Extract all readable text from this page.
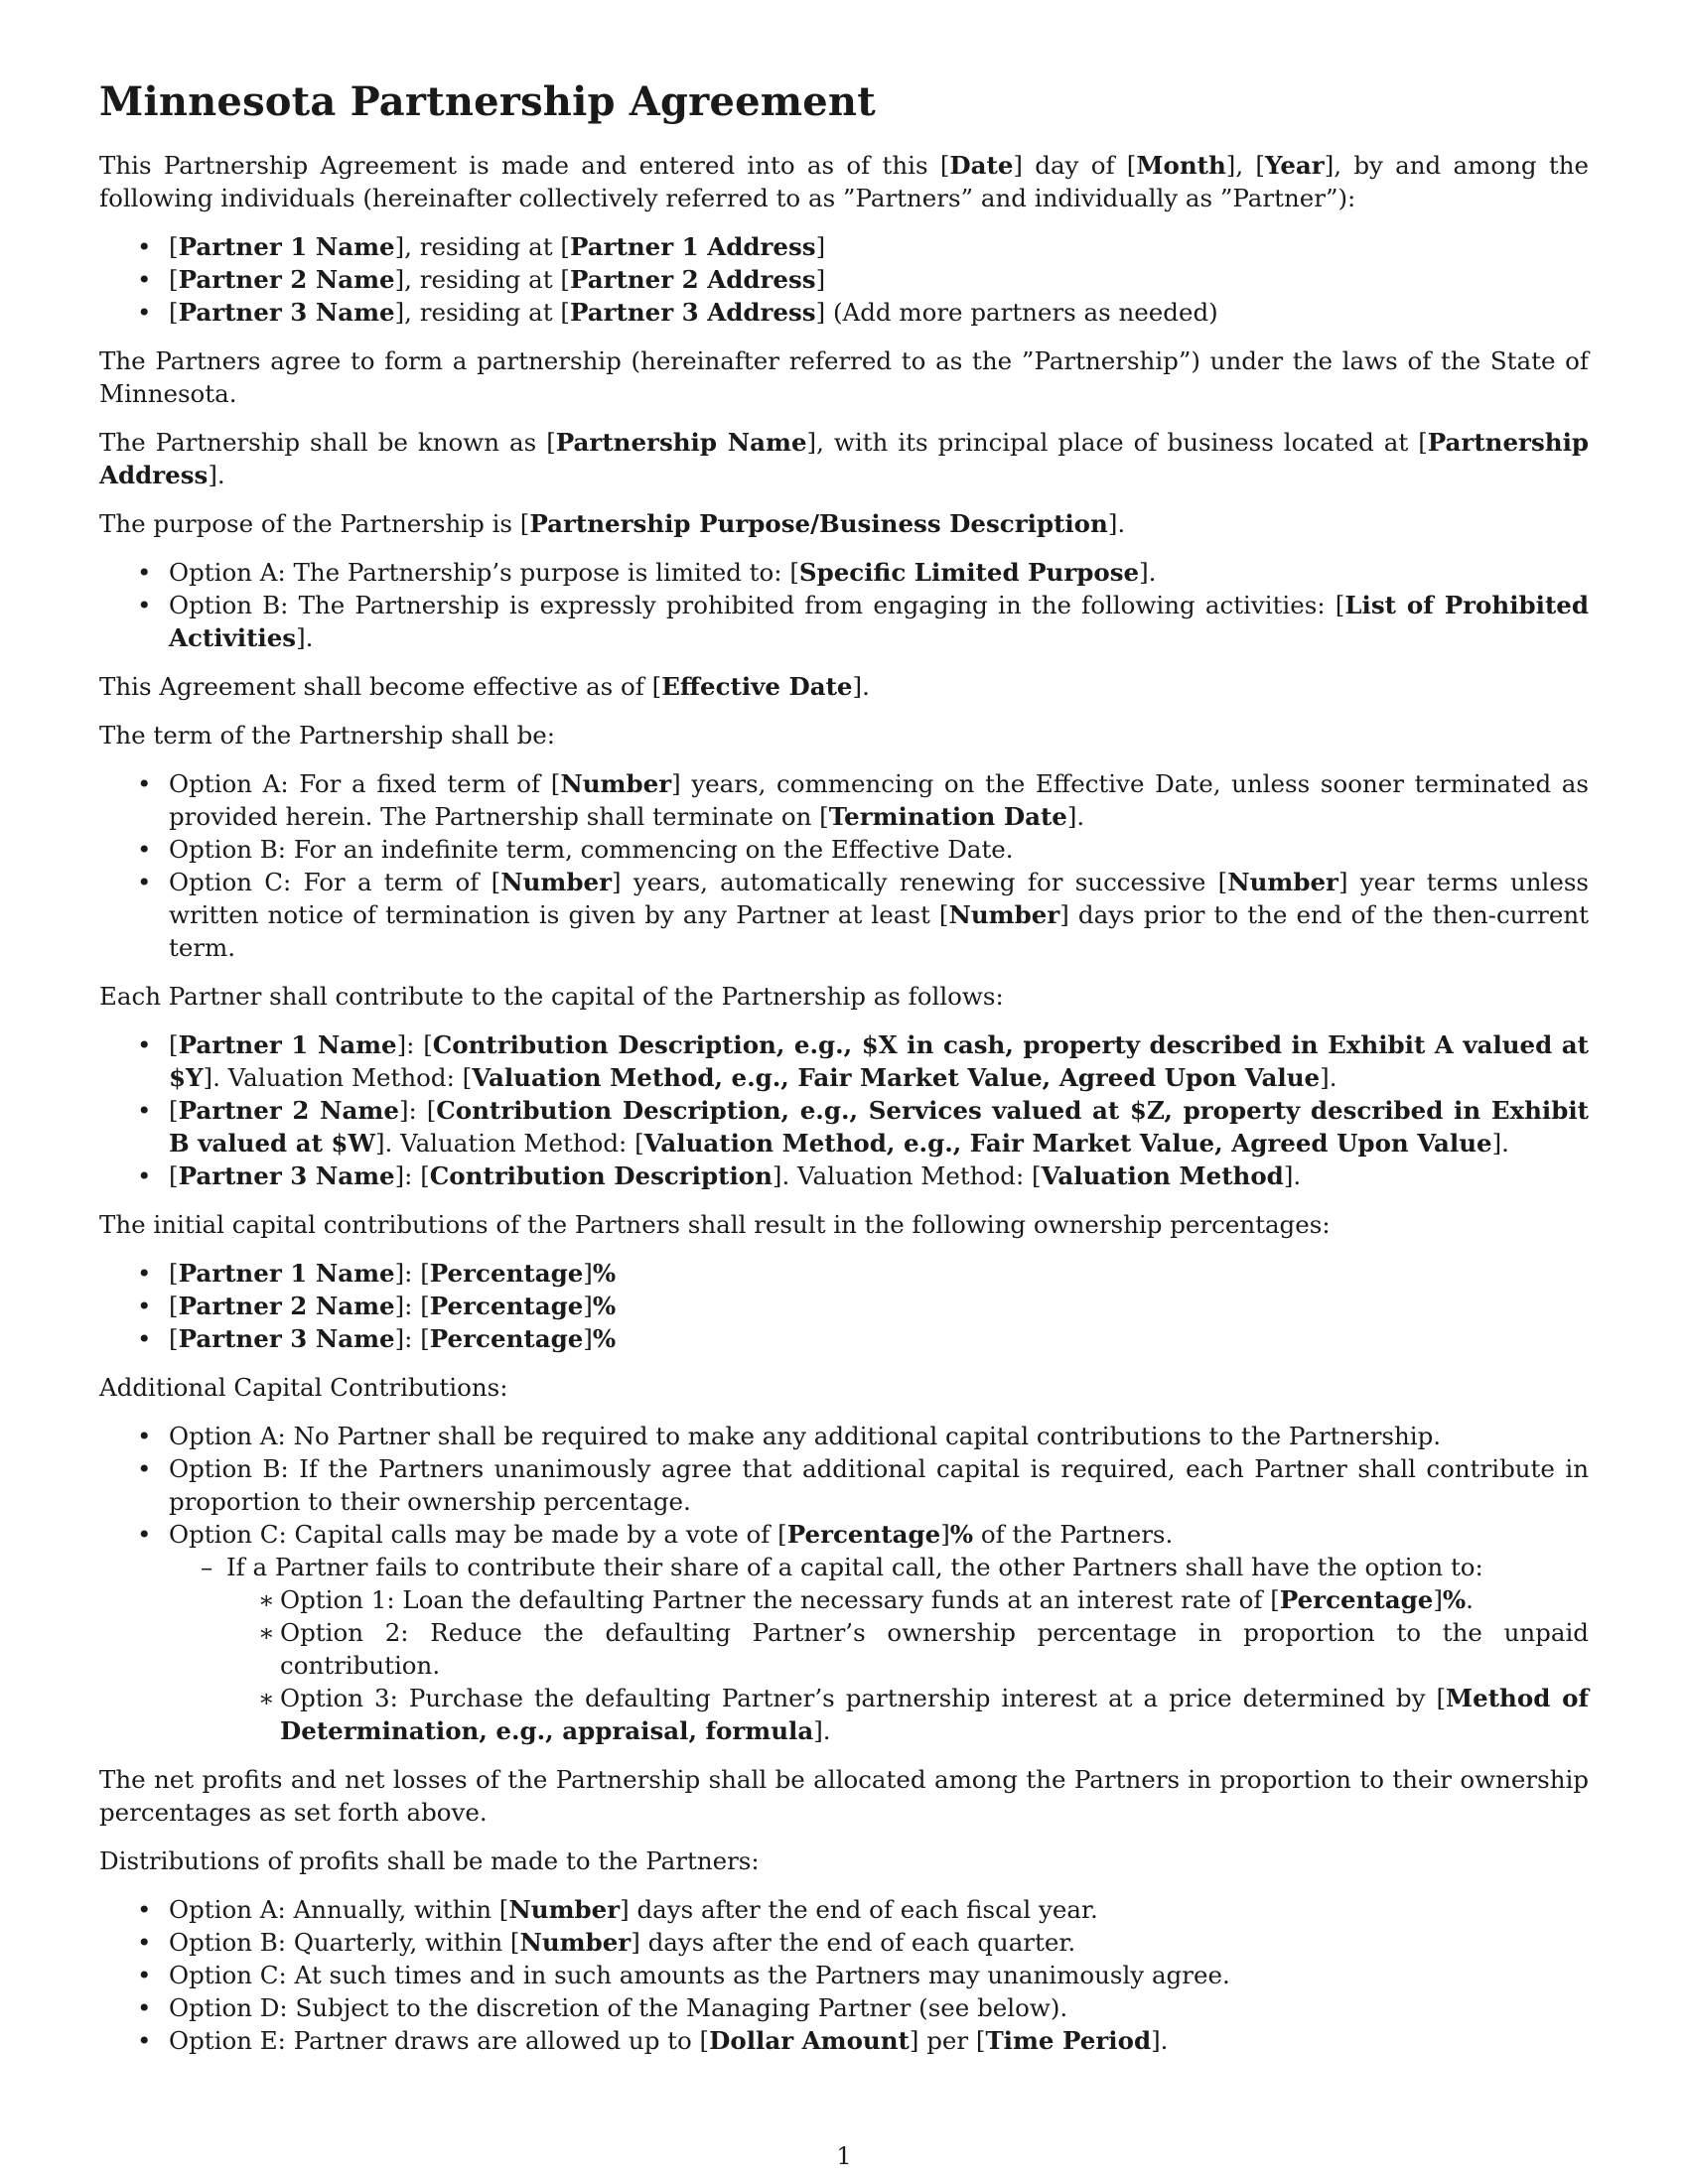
Minnesota Partnership Agreement

This Partnership Agreement is made and entered into as of this [Date] day of [Month], [Year], by and among the following individuals (hereinafter collectively referred to as ”Partners” and individually as ”Partner”):

• [Partner 1 Name], residing at [Partner 1 Address]
• [Partner 2 Name], residing at [Partner 2 Address]
• [Partner 3 Name], residing at [Partner 3 Address] (Add more partners as needed)

The Partners agree to form a partnership (hereinafter referred to as the ”Partnership”) under the laws of the State of Minnesota.

The Partnership shall be known as [Partnership Name], with its principal place of business located at [Partnership Address].

The purpose of the Partnership is [Partnership Purpose/Business Description].

• Option A: The Partnership’s purpose is limited to: [Specific Limited Purpose].
• Option B: The Partnership is expressly prohibited from engaging in the following activities: [List of Prohibited Activities].

This Agreement shall become effective as of [Effective Date].

The term of the Partnership shall be:

• Option A: For a fixed term of [Number] years, commencing on the Effective Date, unless sooner terminated as provided herein. The Partnership shall terminate on [Termination Date].
• Option B: For an indefinite term, commencing on the Effective Date.
• Option C: For a term of [Number] years, automatically renewing for successive [Number] year terms unless written notice of termination is given by any Partner at least [Number] days prior to the end of the then-current term.

Each Partner shall contribute to the capital of the Partnership as follows:

• [Partner 1 Name]: [Contribution Description, e.g., $X in cash, property described in Exhibit A valued at $Y]. Valuation Method: [Valuation Method, e.g., Fair Market Value, Agreed Upon Value].
• [Partner 2 Name]: [Contribution Description, e.g., Services valued at $Z, property described in Exhibit B valued at $W]. Valuation Method: [Valuation Method, e.g., Fair Market Value, Agreed Upon Value].
• [Partner 3 Name]: [Contribution Description]. Valuation Method: [Valuation Method].

The initial capital contributions of the Partners shall result in the following ownership percentages:

• [Partner 1 Name]: [Percentage]%
• [Partner 2 Name]: [Percentage]%
• [Partner 3 Name]: [Percentage]%

Additional Capital Contributions:

• Option A: No Partner shall be required to make any additional capital contributions to the Partnership.
• Option B: If the Partners unanimously agree that additional capital is required, each Partner shall contribute in proportion to their ownership percentage.
• Option C: Capital calls may be made by a vote of [Percentage]% of the Partners.
– If a Partner fails to contribute their share of a capital call, the other Partners shall have the option to:
∗ Option 1: Loan the defaulting Partner the necessary funds at an interest rate of [Percentage]%.
∗ Option 2: Reduce the defaulting Partner’s ownership percentage in proportion to the unpaid contribution.
∗ Option 3: Purchase the defaulting Partner’s partnership interest at a price determined by [Method of Determination, e.g., appraisal, formula].

The net profits and net losses of the Partnership shall be allocated among the Partners in proportion to their ownership percentages as set forth above.

Distributions of profits shall be made to the Partners:

• Option A: Annually, within [Number] days after the end of each fiscal year.
• Option B: Quarterly, within [Number] days after the end of each quarter.
• Option C: At such times and in such amounts as the Partners may unanimously agree.
• Option D: Subject to the discretion of the Managing Partner (see below).
• Option E: Partner draws are allowed up to [Dollar Amount] per [Time Period].
1
